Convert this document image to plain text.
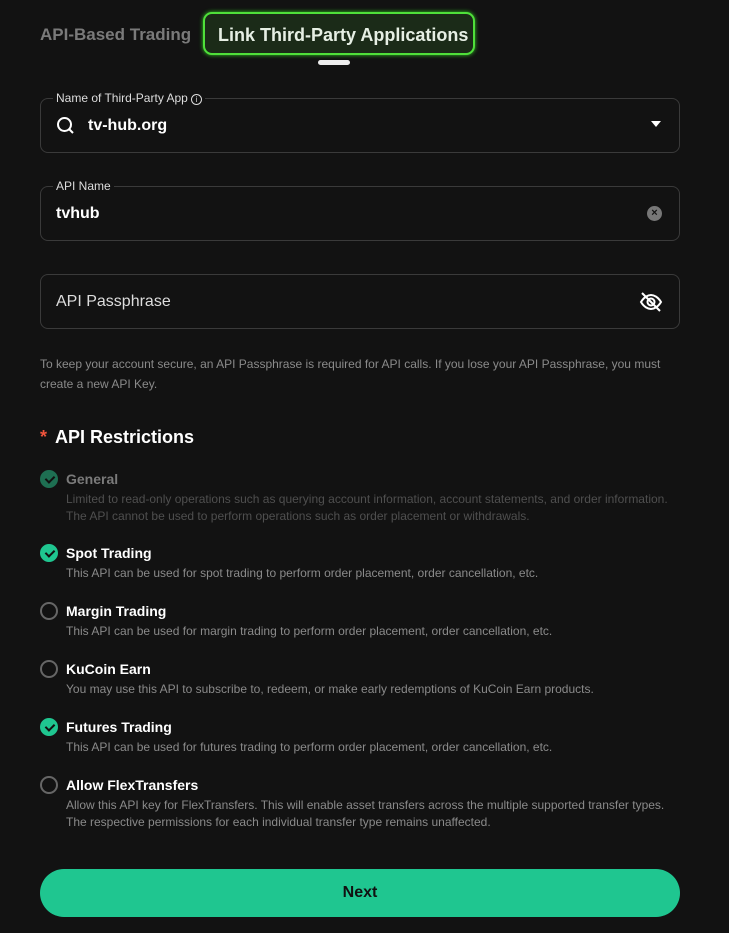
API-Based Trading	Link Third-Party Applications
Name of Third-Party App i
tv-hub.org
API Name
tvhub	×
API Passphrase
To keep your account secure, an API Passphrase is required for API calls. If you lose your API Passphrase, you must create a new API Key.
* API Restrictions
General
Limited to read-only operations such as querying account information, account statements, and order information. The API cannot be used to perform operations such as order placement or withdrawals.
Spot Trading
This API can be used for spot trading to perform order placement, order cancellation, etc.
Margin Trading
This API can be used for margin trading to perform order placement, order cancellation, etc.
KuCoin Earn
You may use this API to subscribe to, redeem, or make early redemptions of KuCoin Earn products.
Futures Trading
This API can be used for futures trading to perform order placement, order cancellation, etc.
Allow FlexTransfers
Allow this API key for FlexTransfers. This will enable asset transfers across the multiple supported transfer types. The respective permissions for each individual transfer type remains unaffected.
Next
